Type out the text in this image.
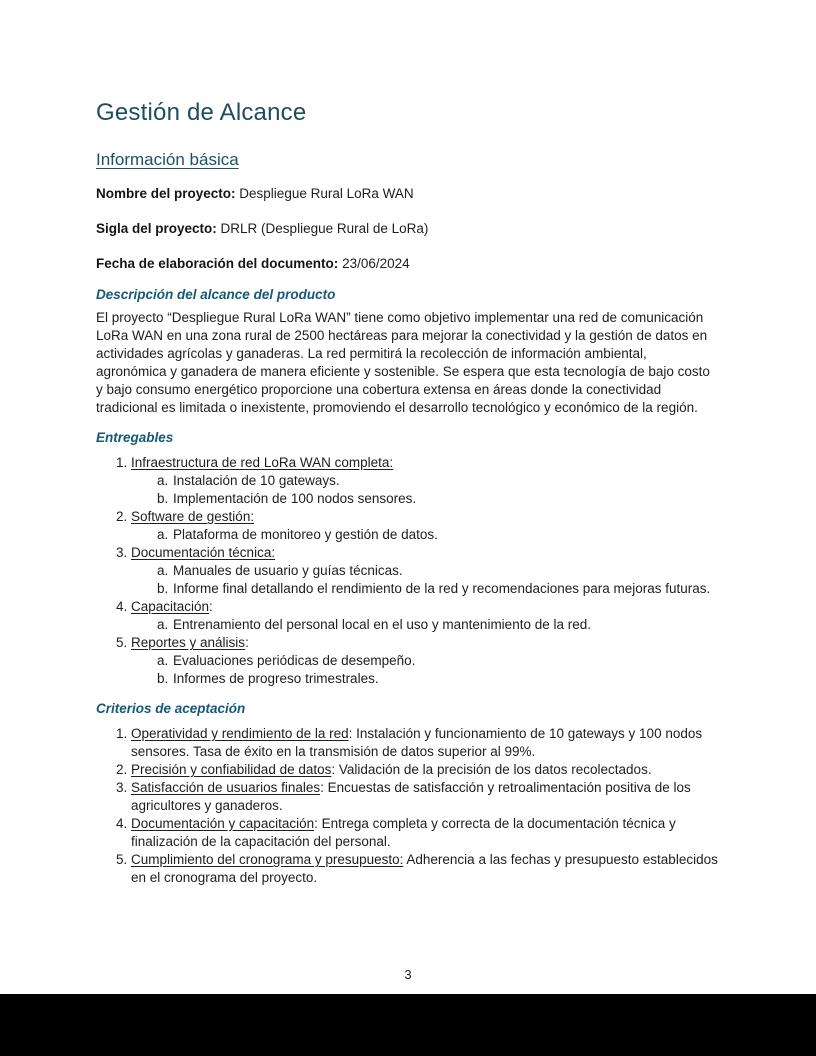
Gestión de Alcance
Información básica

Nombre del proyecto: Despliegue Rural LoRa WAN

Sigla del proyecto: DRLR (Despliegue Rural de LoRa)

Fecha de elaboración del documento: 23/06/2024

Descripción del alcance del producto

El proyecto “Despliegue Rural LoRa WAN” tiene como objetivo implementar una red de comunicación LoRa WAN en una zona rural de 2500 hectáreas para mejorar la conectividad y la gestión de datos en actividades agrícolas y ganaderas. La red permitirá la recolección de información ambiental, agronómica y ganadera de manera eficiente y sostenible. Se espera que esta tecnología de bajo costo y bajo consumo energético proporcione una cobertura extensa en áreas donde la conectividad tradicional es limitada o inexistente, promoviendo el desarrollo tecnológico y económico de la región.

Entregables
1. Infraestructura de red LoRa WAN completa:
a. Instalación de 10 gateways.
b. Implementación de 100 nodos sensores.
2. Software de gestión:
a. Plataforma de monitoreo y gestión de datos.
3. Documentación técnica:
a. Manuales de usuario y guías técnicas.
b. Informe final detallando el rendimiento de la red y recomendaciones para mejoras futuras.
4. Capacitación:
a. Entrenamiento del personal local en el uso y mantenimiento de la red.
5. Reportes y análisis:
a. Evaluaciones periódicas de desempeño.
b. Informes de progreso trimestrales.
Criterios de aceptación
1. Operatividad y rendimiento de la red: Instalación y funcionamiento de 10 gateways y 100 nodos sensores. Tasa de éxito en la transmisión de datos superior al 99%.
2. Precisión y confiabilidad de datos: Validación de la precisión de los datos recolectados.
3. Satisfacción de usuarios finales: Encuestas de satisfacción y retroalimentación positiva de los agricultores y ganaderos.
4. Documentación y capacitación: Entrega completa y correcta de la documentación técnica y finalización de la capacitación del personal.
5. Cumplimiento del cronograma y presupuesto: Adherencia a las fechas y presupuesto establecidos en el cronograma del proyecto.
3
